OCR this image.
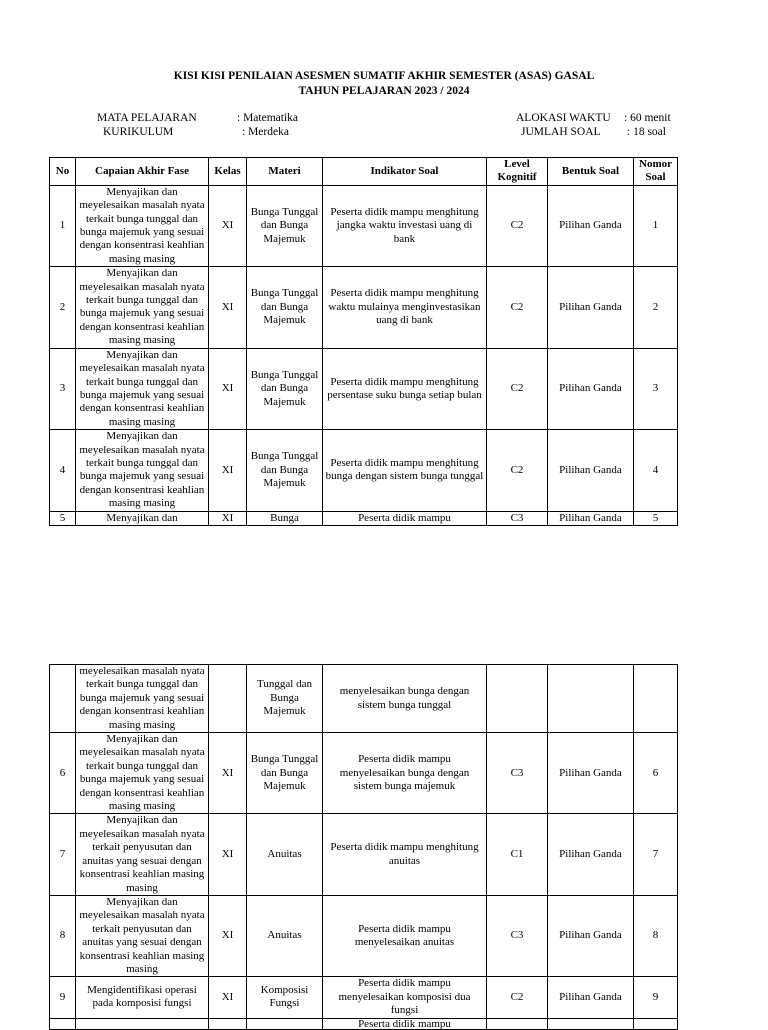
KISI KISI PENILAIAN ASESMEN SUMATIF AKHIR SEMESTER (ASAS) GASAL
TAHUN PELAJARAN 2023 / 2024
MATA PELAJARAN	: Matematika
KURIKULUM	: Merdeka
ALOKASI WAKTU : 60 menit
JUMLAH SOAL : 18 soal
No	Capaian Akhir Fase	Kelas	Materi	Indikator Soal	Level Kognitif	Bentuk Soal	Nomor Soal
1	Menyajikan dan meyelesaikan masalah nyata terkait bunga tunggal dan bunga majemuk yang sesuai dengan konsentrasi keahlian masing masing	XI	Bunga Tunggal dan Bunga Majemuk	Peserta didik mampu menghitung jangka waktu investasi uang di bank	C2	Pilihan Ganda	1
2	Menyajikan dan meyelesaikan masalah nyata terkait bunga tunggal dan bunga majemuk yang sesuai dengan konsentrasi keahlian masing masing	XI	Bunga Tunggal dan Bunga Majemuk	Peserta didik mampu menghitung waktu mulainya menginvestasikan uang di bank	C2	Pilihan Ganda	2
3	Menyajikan dan meyelesaikan masalah nyata terkait bunga tunggal dan bunga majemuk yang sesuai dengan konsentrasi keahlian masing masing	XI	Bunga Tunggal dan Bunga Majemuk	Peserta didik mampu menghitung persentase suku bunga setiap bulan	C2	Pilihan Ganda	3
4	Menyajikan dan meyelesaikan masalah nyata terkait bunga tunggal dan bunga majemuk yang sesuai dengan konsentrasi keahlian masing masing	XI	Bunga Tunggal dan Bunga Majemuk	Peserta didik mampu menghitung bunga dengan sistem bunga tunggal	C2	Pilihan Ganda	4
5	Menyajikan dan	XI	Bunga	Peserta didik mampu	C3	Pilihan Ganda	5
	meyelesaikan masalah nyata terkait bunga tunggal dan bunga majemuk yang sesuai dengan konsentrasi keahlian masing masing		Tunggal dan Bunga Majemuk	menyelesaikan bunga dengan sistem bunga tunggal			
6	Menyajikan dan meyelesaikan masalah nyata terkait bunga tunggal dan bunga majemuk yang sesuai dengan konsentrasi keahlian masing masing	XI	Bunga Tunggal dan Bunga Majemuk	Peserta didik mampu menyelesaikan bunga dengan sistem bunga majemuk	C3	Pilihan Ganda	6
7	Menyajikan dan meyelesaikan masalah nyata terkait penyusutan dan anuitas yang sesuai dengan konsentrasi keahlian masing masing	XI	Anuitas	Peserta didik mampu menghitung anuitas	C1	Pilihan Ganda	7
8	Menyajikan dan meyelesaikan masalah nyata terkait penyusutan dan anuitas yang sesuai dengan konsentrasi keahlian masing masing	XI	Anuitas	Peserta didik mampu menyelesaikan anuitas	C3	Pilihan Ganda	8
9	Mengidentifikasi operasi pada komposisi fungsi	XI	Komposisi Fungsi	Peserta didik mampu menyelesaikan komposisi dua fungsi	C2	Pilihan Ganda	9
				Peserta didik mampu			
